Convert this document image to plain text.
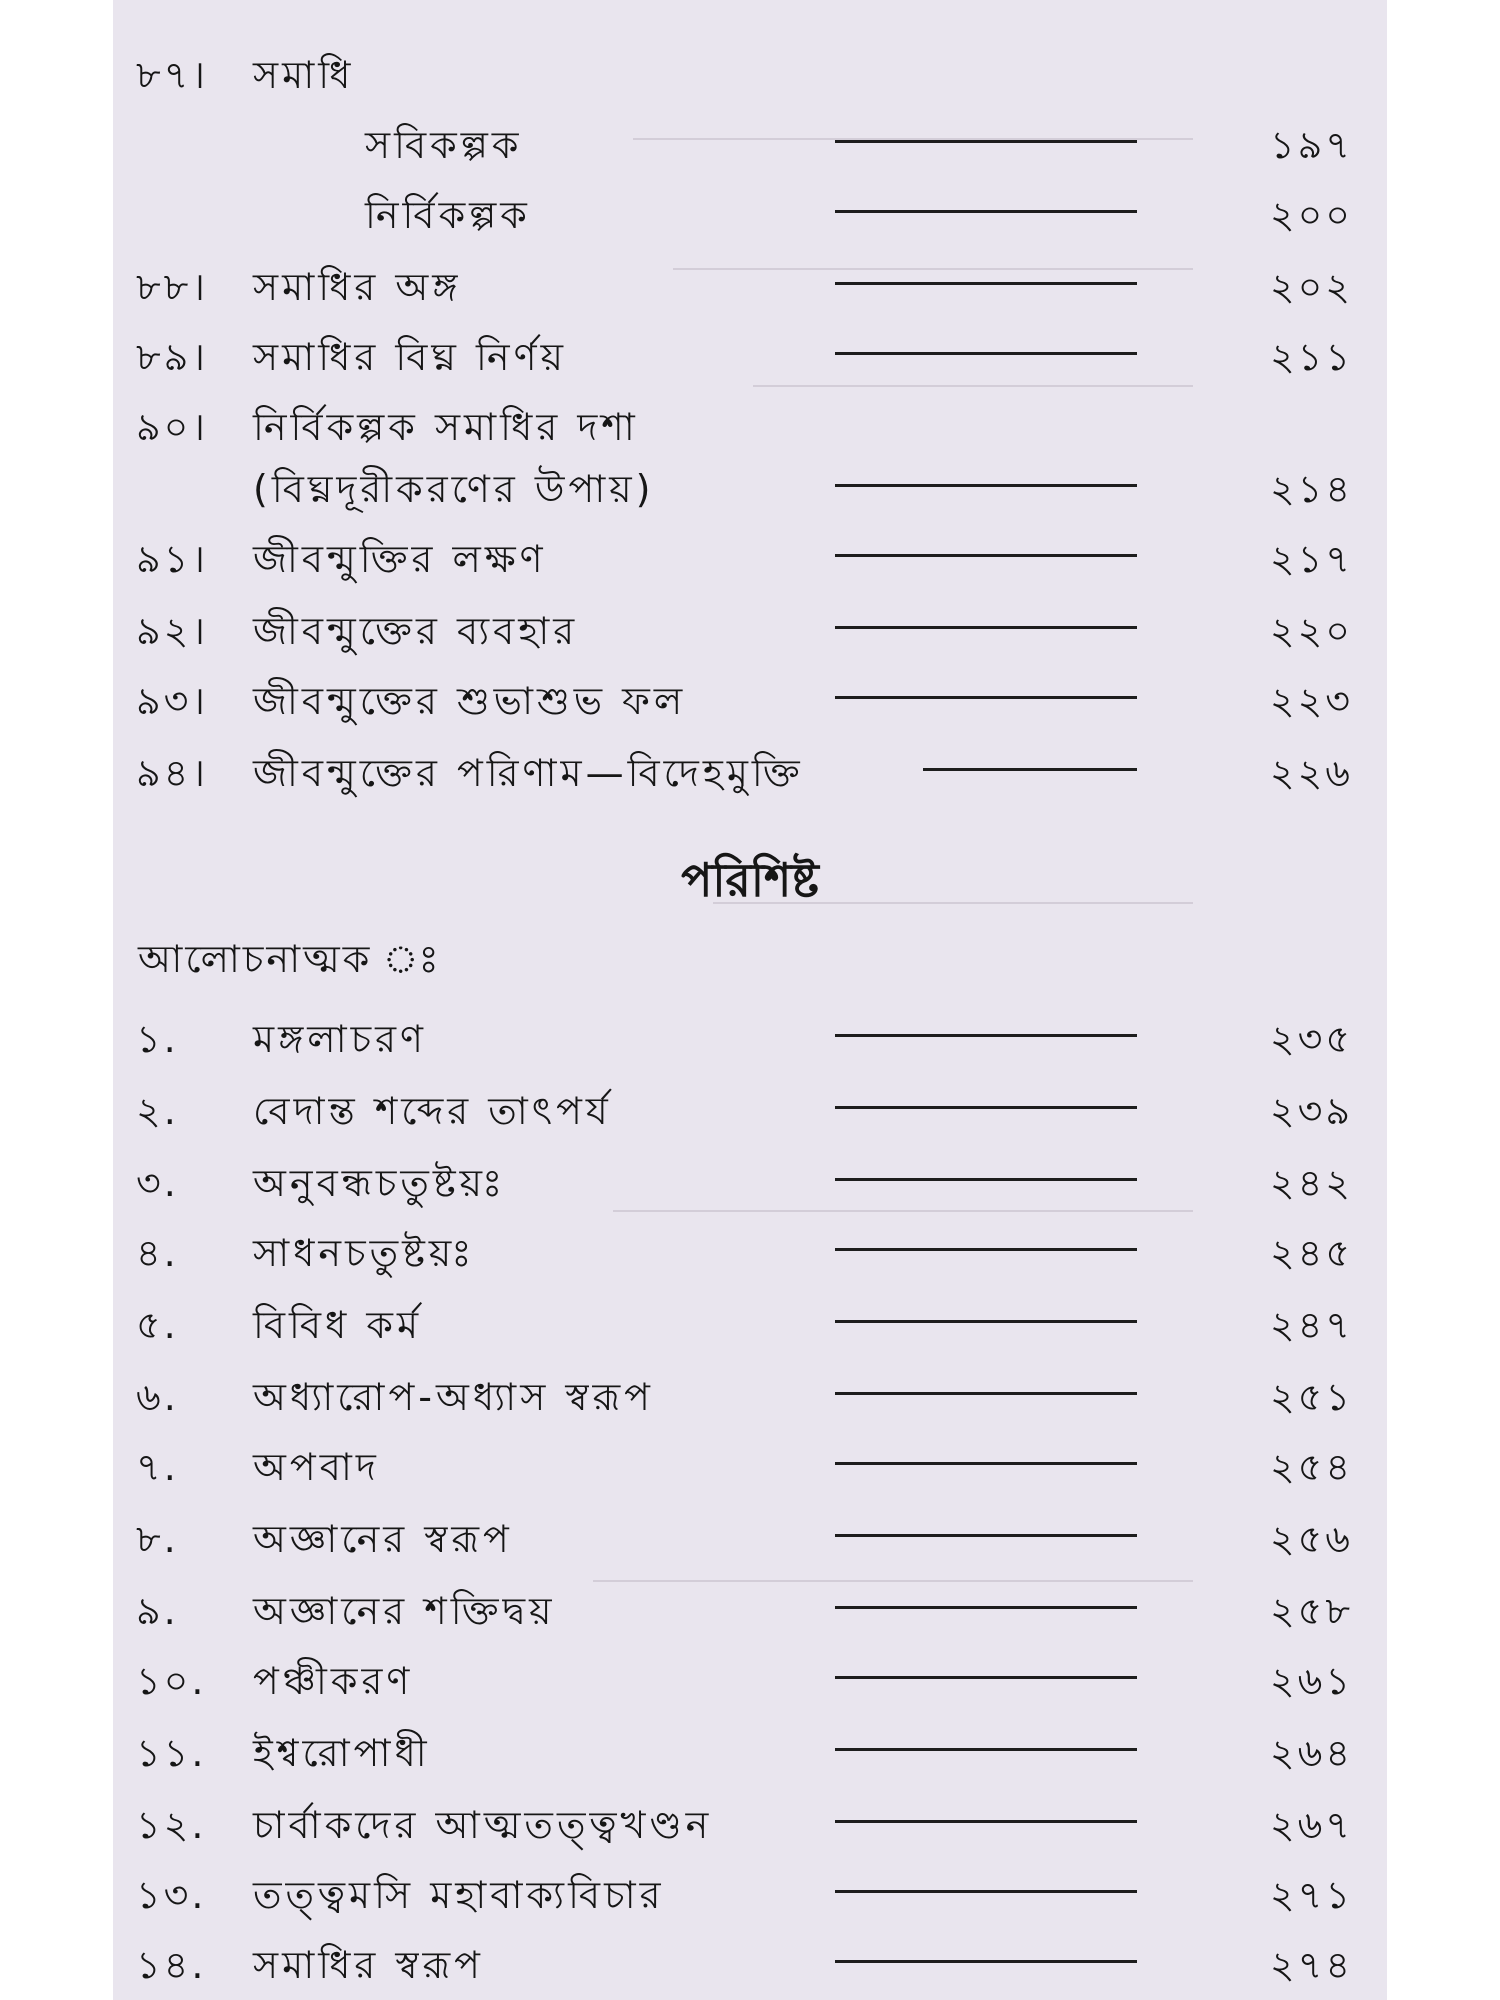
৮৭। সমাধি
সবিকল্পক	১৯৭
নির্বিকল্পক	২০০
৮৮। সমাধির অঙ্গ	২০২
৮৯। সমাধির বিঘ্ন নির্ণয়	২১১
৯০। নির্বিকল্পক সমাধির দশা
(বিঘ্নদূরীকরণের উপায়)	২১৪
৯১। জীবন্মুক্তির লক্ষণ	২১৭
৯২। জীবন্মুক্তের ব্যবহার	২২০
৯৩। জীবন্মুক্তের শুভাশুভ ফল	২২৩
৯৪। জীবন্মুক্তের পরিণাম—বিদেহমুক্তি	২২৬
পরিশিষ্ট
আলোচনাত্মক ঃ
১. মঙ্গলাচরণ	২৩৫
২. বেদান্ত শব্দের তাৎপর্য	২৩৯
৩. অনুবন্ধচতুষ্টয়ঃ	২৪২
৪. সাধনচতুষ্টয়ঃ	২৪৫
৫. বিবিধ কর্ম	২৪৭
৬. অধ্যারোপ-অধ্যাস স্বরূপ	২৫১
৭. অপবাদ	২৫৪
৮. অজ্ঞানের স্বরূপ	২৫৬
৯. অজ্ঞানের শক্তিদ্বয়	২৫৮
১০. পঞ্চীকরণ	২৬১
১১. ইশ্বরোপাধী	২৬৪
১২. চার্বাকদের আত্মতত্ত্বখণ্ডন	২৬৭
১৩. তত্ত্বমসি মহাবাক্যবিচার	২৭১
১৪. সমাধির স্বরূপ	২৭৪
